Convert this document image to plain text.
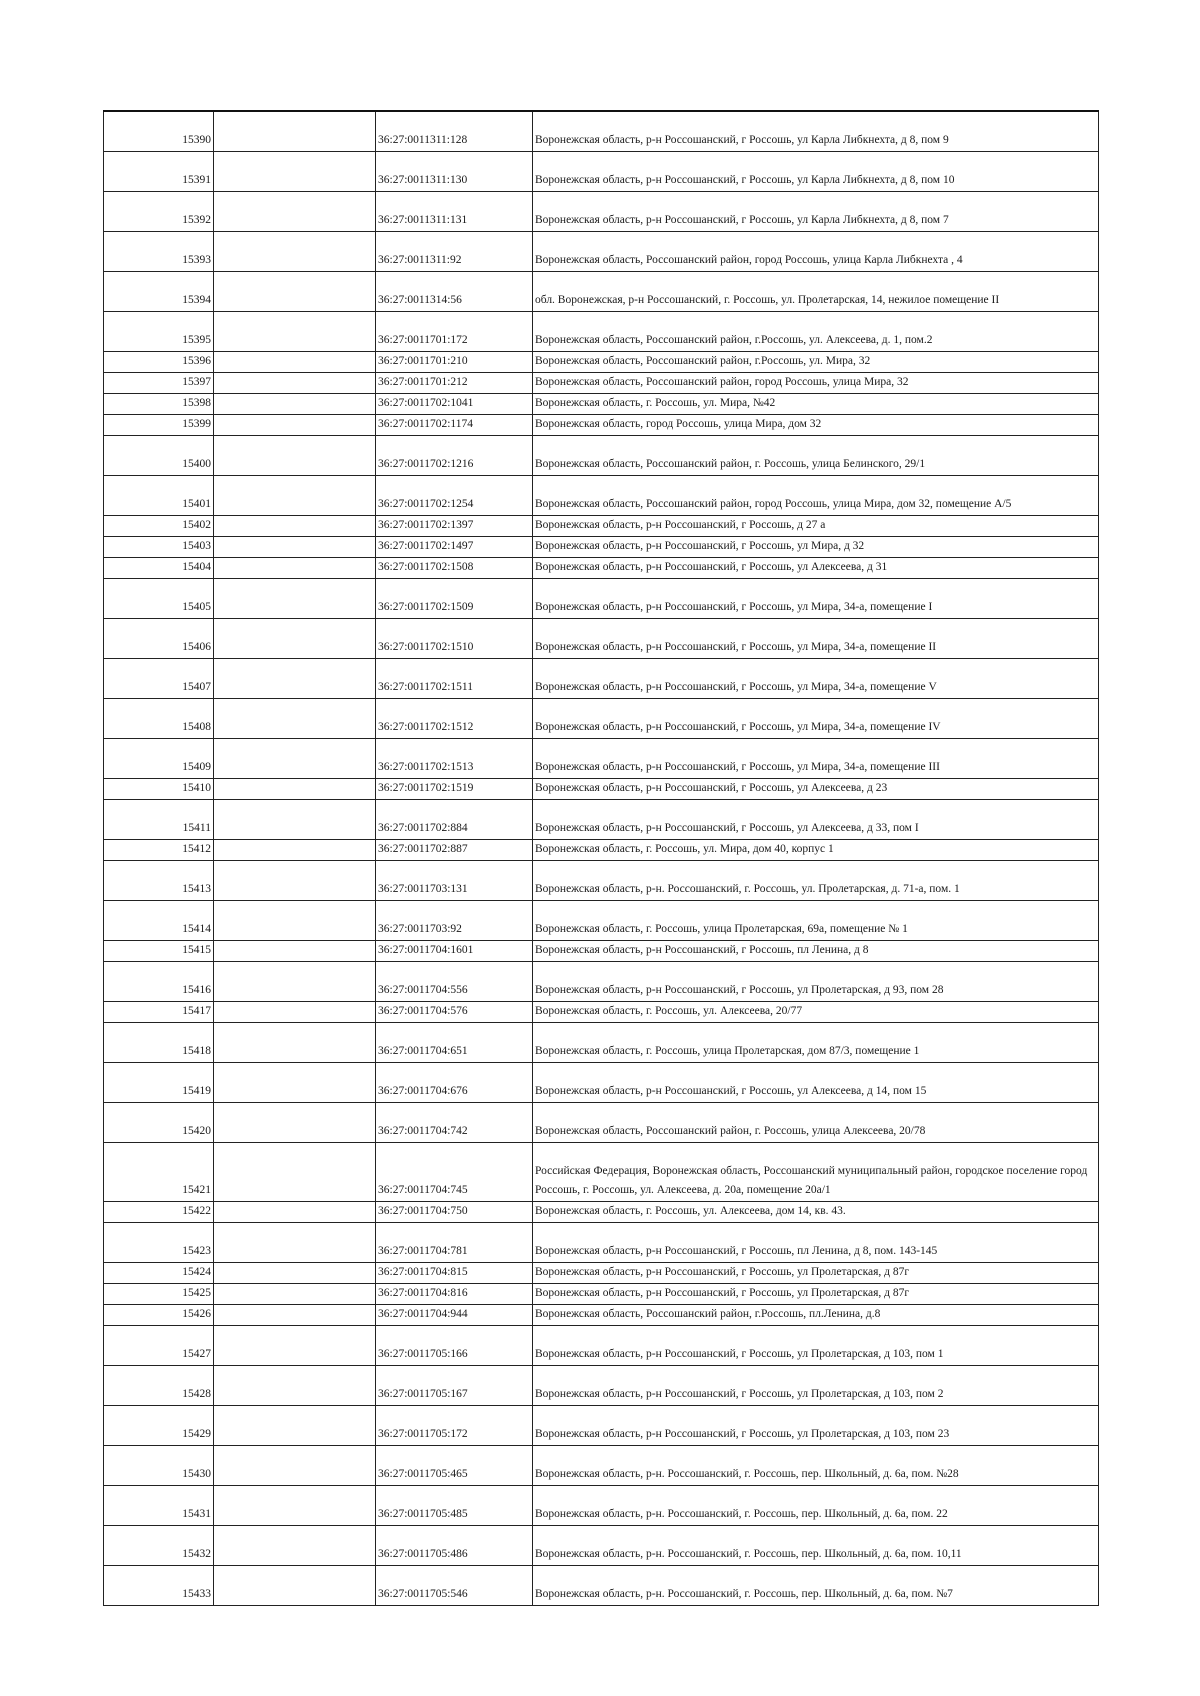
15390		36:27:0011311:128	Воронежская область, р-н Россошанский, г Россошь, ул Карла Либкнехта, д 8, пом 9
15391		36:27:0011311:130	Воронежская область, р-н Россошанский, г Россошь, ул Карла Либкнехта, д 8, пом 10
15392		36:27:0011311:131	Воронежская область, р-н Россошанский, г Россошь, ул Карла Либкнехта, д 8, пом 7
15393		36:27:0011311:92	Воронежская область, Россошанский район, город Россошь, улица Карла Либкнехта , 4
15394		36:27:0011314:56	обл. Воронежская, р-н Россошанский, г. Россошь, ул. Пролетарская, 14, нежилое помещение II
15395		36:27:0011701:172	Воронежская область, Россошанский район, г.Россошь, ул. Алексеева, д. 1, пом.2
15396		36:27:0011701:210	Воронежская область, Россошанский район, г.Россошь, ул. Мира, 32
15397		36:27:0011701:212	Воронежская область, Россошанский район, город Россошь, улица Мира, 32
15398		36:27:0011702:1041	Воронежская область, г. Россошь, ул. Мира, №42
15399		36:27:0011702:1174	Воронежская область, город Россошь, улица Мира, дом 32
15400		36:27:0011702:1216	Воронежская область, Россошанский район, г. Россошь, улица Белинского, 29/1
15401		36:27:0011702:1254	Воронежская область, Россошанский район, город Россошь, улица Мира, дом 32, помещение А/5
15402		36:27:0011702:1397	Воронежская область, р-н Россошанский, г Россошь, д 27 а
15403		36:27:0011702:1497	Воронежская область, р-н Россошанский, г Россошь, ул Мира, д 32
15404		36:27:0011702:1508	Воронежская область, р-н Россошанский, г Россошь, ул Алексеева, д 31
15405		36:27:0011702:1509	Воронежская область, р-н Россошанский, г Россошь, ул Мира, 34-а, помещение I
15406		36:27:0011702:1510	Воронежская область, р-н Россошанский, г Россошь, ул Мира, 34-а, помещение II
15407		36:27:0011702:1511	Воронежская область, р-н Россошанский, г Россошь, ул Мира, 34-а, помещение V
15408		36:27:0011702:1512	Воронежская область, р-н Россошанский, г Россошь, ул Мира, 34-а, помещение IV
15409		36:27:0011702:1513	Воронежская область, р-н Россошанский, г Россошь, ул Мира, 34-а, помещение III
15410		36:27:0011702:1519	Воронежская область, р-н Россошанский, г Россошь, ул Алексеева, д 23
15411		36:27:0011702:884	Воронежская область, р-н Россошанский, г Россошь, ул Алексеева, д 33, пом I
15412		36:27:0011702:887	Воронежская область, г. Россошь, ул. Мира, дом 40, корпус 1
15413		36:27:0011703:131	Воронежская область, р-н. Россошанский, г. Россошь, ул. Пролетарская, д. 71-а, пом. 1
15414		36:27:0011703:92	Воронежская область, г. Россошь, улица Пролетарская, 69а, помещение № 1
15415		36:27:0011704:1601	Воронежская область, р-н Россошанский, г Россошь, пл Ленина, д 8
15416		36:27:0011704:556	Воронежская область, р-н Россошанский, г Россошь, ул Пролетарская, д 93, пом 28
15417		36:27:0011704:576	Воронежская область, г. Россошь, ул. Алексеева, 20/77
15418		36:27:0011704:651	Воронежская область, г. Россошь, улица Пролетарская, дом 87/3, помещение 1
15419		36:27:0011704:676	Воронежская область, р-н Россошанский, г Россошь, ул Алексеева, д 14, пом 15
15420		36:27:0011704:742	Воронежская область, Россошанский район, г. Россошь, улица Алексеева, 20/78
15421		36:27:0011704:745	Российская Федерация, Воронежская область, Россошанский муниципальный район, городское поселение город Россошь, г. Россошь, ул. Алексеева, д. 20а, помещение 20а/1
15422		36:27:0011704:750	Воронежская область, г. Россошь, ул. Алексеева, дом 14, кв. 43.
15423		36:27:0011704:781	Воронежская область, р-н Россошанский, г Россошь, пл Ленина, д 8, пом. 143-145
15424		36:27:0011704:815	Воронежская область, р-н Россошанский, г Россошь, ул Пролетарская, д 87г
15425		36:27:0011704:816	Воронежская область, р-н Россошанский, г Россошь, ул Пролетарская, д 87г
15426		36:27:0011704:944	Воронежская область, Россошанский район, г.Россошь, пл.Ленина, д.8
15427		36:27:0011705:166	Воронежская область, р-н Россошанский, г Россошь, ул Пролетарская, д 103, пом 1
15428		36:27:0011705:167	Воронежская область, р-н Россошанский, г Россошь, ул Пролетарская, д 103, пом 2
15429		36:27:0011705:172	Воронежская область, р-н Россошанский, г Россошь, ул Пролетарская, д 103, пом 23
15430		36:27:0011705:465	Воронежская область, р-н. Россошанский, г. Россошь, пер. Школьный, д. 6а, пом. №28
15431		36:27:0011705:485	Воронежская область, р-н. Россошанский, г. Россошь, пер. Школьный, д. 6а, пом. 22
15432		36:27:0011705:486	Воронежская область, р-н. Россошанский, г. Россошь, пер. Школьный, д. 6а, пом. 10,11
15433		36:27:0011705:546	Воронежская область, р-н. Россошанский, г. Россошь, пер. Школьный, д. 6а, пом. №7
